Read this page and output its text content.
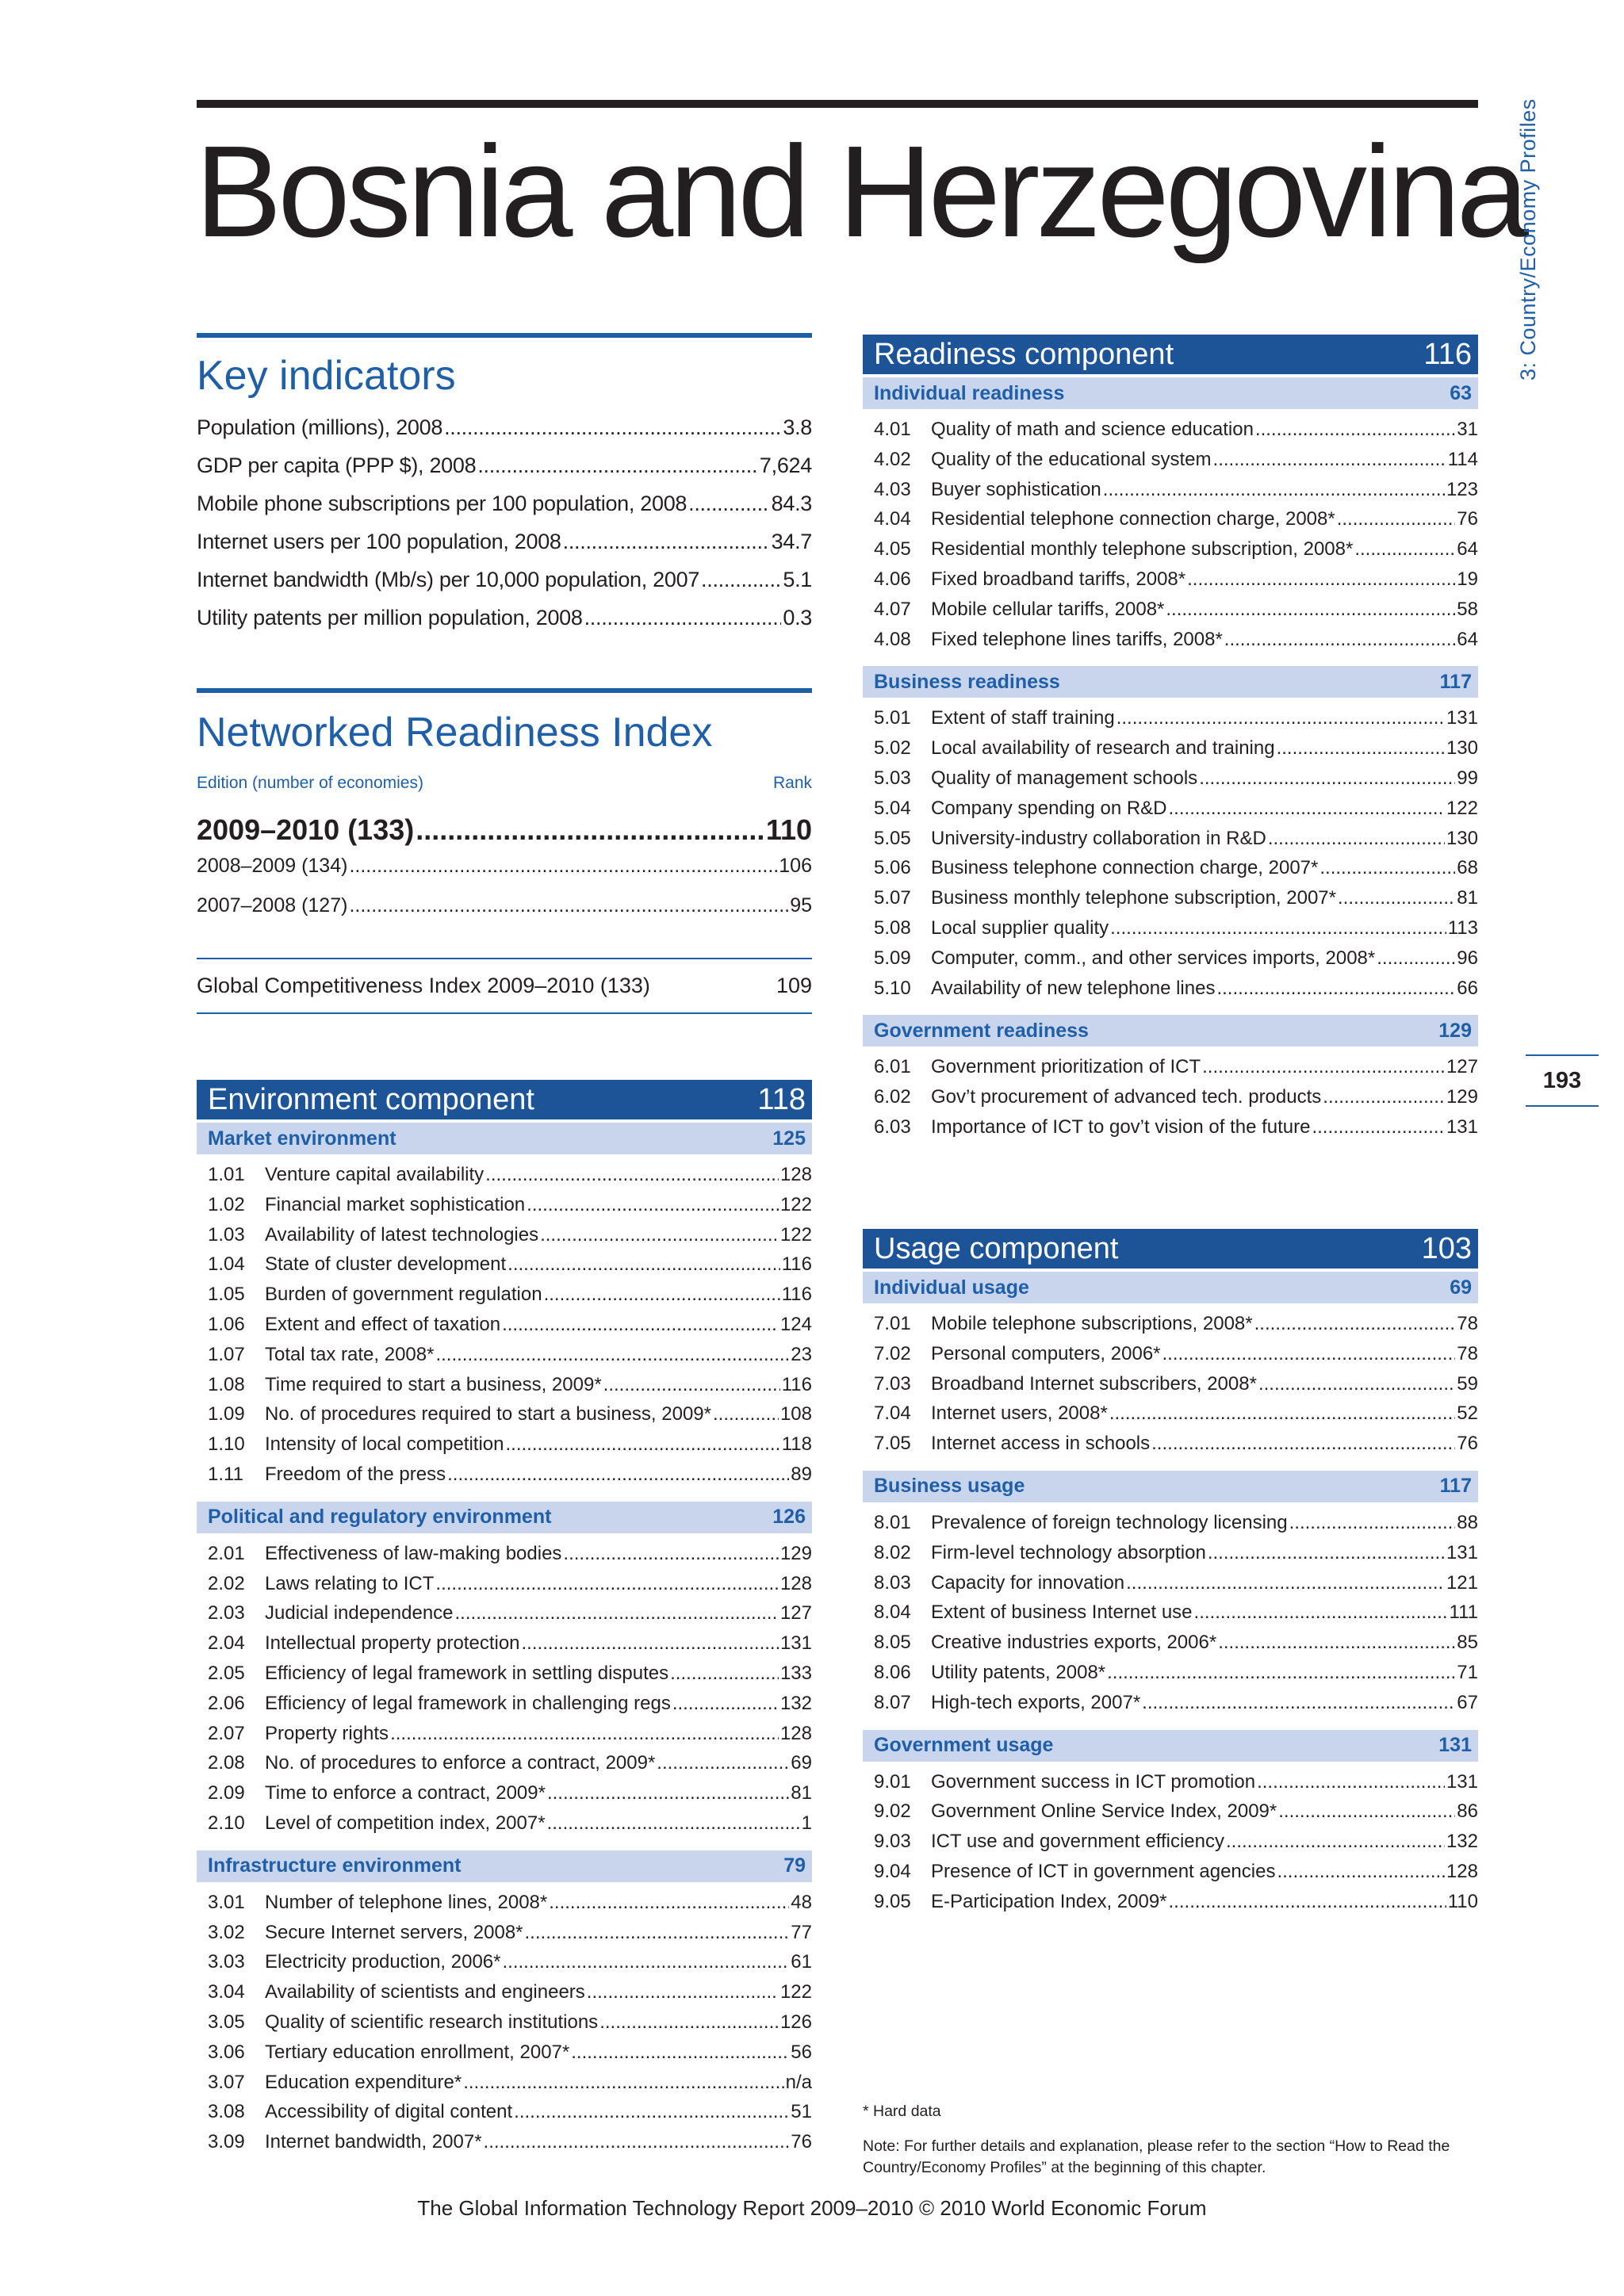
Bosnia and Herzegovina
3: Country/Economy Profiles
193
Key indicators
Population (millions), 2008 .....	3.8
GDP per capita (PPP $), 2008 .....	7,624
Mobile phone subscriptions per 100 population, 2008 .....	84.3
Internet users per 100 population, 2008 .....	34.7
Internet bandwidth (Mb/s) per 10,000 population, 2007 .....	5.1
Utility patents per million population, 2008 .....	0.3
Networked Readiness Index
Edition (number of economies)	Rank
2009–2010 (133) .....	110
2008–2009 (134) .....	106
2007–2008 (127) .....	95
Global Competitiveness Index 2009–2010 (133)	109
Environment component	118
Market environment	125
1.01	Venture capital availability .....	128
1.02	Financial market sophistication .....	122
1.03	Availability of latest technologies .....	122
1.04	State of cluster development .....	116
1.05	Burden of government regulation .....	116
1.06	Extent and effect of taxation .....	124
1.07	Total tax rate, 2008* .....	23
1.08	Time required to start a business, 2009* .....	116
1.09	No. of procedures required to start a business, 2009* .....	108
1.10	Intensity of local competition .....	118
1.11	Freedom of the press .....	89
Political and regulatory environment	126
2.01	Effectiveness of law-making bodies .....	129
2.02	Laws relating to ICT .....	128
2.03	Judicial independence .....	127
2.04	Intellectual property protection .....	131
2.05	Efficiency of legal framework in settling disputes .....	133
2.06	Efficiency of legal framework in challenging regs .....	132
2.07	Property rights .....	128
2.08	No. of procedures to enforce a contract, 2009* .....	69
2.09	Time to enforce a contract, 2009* .....	81
2.10	Level of competition index, 2007* .....	1
Infrastructure environment	79
3.01	Number of telephone lines, 2008* .....	48
3.02	Secure Internet servers, 2008* .....	77
3.03	Electricity production, 2006* .....	61
3.04	Availability of scientists and engineers .....	122
3.05	Quality of scientific research institutions .....	126
3.06	Tertiary education enrollment, 2007* .....	56
3.07	Education expenditure* .....	n/a
3.08	Accessibility of digital content .....	51
3.09	Internet bandwidth, 2007* .....	76
Readiness component	116
Individual readiness	63
4.01	Quality of math and science education .....	31
4.02	Quality of the educational system .....	114
4.03	Buyer sophistication .....	123
4.04	Residential telephone connection charge, 2008* .....	76
4.05	Residential monthly telephone subscription, 2008* .....	64
4.06	Fixed broadband tariffs, 2008* .....	19
4.07	Mobile cellular tariffs, 2008* .....	58
4.08	Fixed telephone lines tariffs, 2008* .....	64
Business readiness	117
5.01	Extent of staff training .....	131
5.02	Local availability of research and training .....	130
5.03	Quality of management schools .....	99
5.04	Company spending on R&D .....	122
5.05	University-industry collaboration in R&D .....	130
5.06	Business telephone connection charge, 2007* .....	68
5.07	Business monthly telephone subscription, 2007* .....	81
5.08	Local supplier quality .....	113
5.09	Computer, comm., and other services imports, 2008* .....	96
5.10	Availability of new telephone lines .....	66
Government readiness	129
6.01	Government prioritization of ICT .....	127
6.02	Gov’t procurement of advanced tech. products .....	129
6.03	Importance of ICT to gov’t vision of the future .....	131
Usage component	103
Individual usage	69
7.01	Mobile telephone subscriptions, 2008* .....	78
7.02	Personal computers, 2006* .....	78
7.03	Broadband Internet subscribers, 2008* .....	59
7.04	Internet users, 2008* .....	52
7.05	Internet access in schools .....	76
Business usage	117
8.01	Prevalence of foreign technology licensing .....	88
8.02	Firm-level technology absorption .....	131
8.03	Capacity for innovation .....	121
8.04	Extent of business Internet use .....	111
8.05	Creative industries exports, 2006* .....	85
8.06	Utility patents, 2008* .....	71
8.07	High-tech exports, 2007* .....	67
Government usage	131
9.01	Government success in ICT promotion .....	131
9.02	Government Online Service Index, 2009* .....	86
9.03	ICT use and government efficiency .....	132
9.04	Presence of ICT in government agencies .....	128
9.05	E-Participation Index, 2009* .....	110
* Hard data
Note: For further details and explanation, please refer to the section “How to Read the Country/Economy Profiles” at the beginning of this chapter.
The Global Information Technology Report 2009–2010 © 2010 World Economic Forum
